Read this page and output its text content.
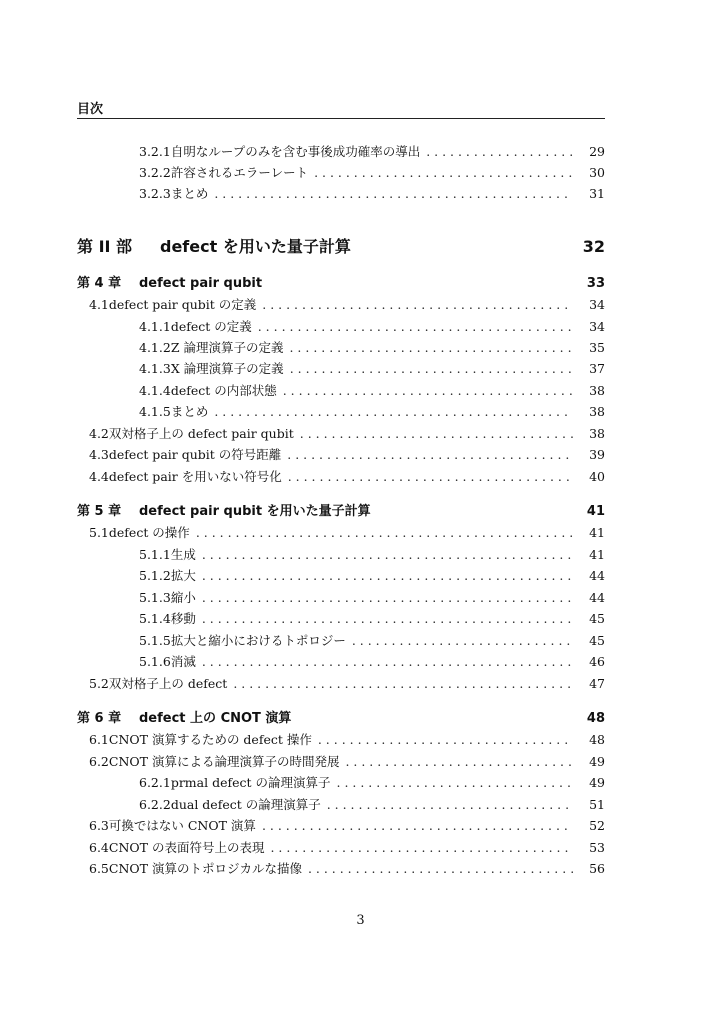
目次
3.2.1 自明なループのみを含む事後成功確率の導出 . . .	29
3.2.2 許容されるエラーレート . . .	30
3.2.3 まとめ . . .	31
第 II 部 defect を用いた量子計算	32
第 4 章 defect pair qubit	33
4.1 defect pair qubit の定義 . . .	34
4.1.1 defect の定義 . . .	34
4.1.2 Z 論理演算子の定義 . . .	35
4.1.3 X 論理演算子の定義 . . .	37
4.1.4 defect の内部状態 . . .	38
4.1.5 まとめ . . .	38
4.2 双対格子上の defect pair qubit . . .	38
4.3 defect pair qubit の符号距離 . . .	39
4.4 defect pair を用いない符号化 . . .	40
第 5 章 defect pair qubit を用いた量子計算	41
5.1 defect の操作 . . .	41
5.1.1 生成 . . .	41
5.1.2 拡大 . . .	44
5.1.3 縮小 . . .	44
5.1.4 移動 . . .	45
5.1.5 拡大と縮小におけるトポロジー . . .	45
5.1.6 消滅 . . .	46
5.2 双対格子上の defect . . .	47
第 6 章 defect 上の CNOT 演算	48
6.1 CNOT 演算するための defect 操作 . . .	48
6.2 CNOT 演算による論理演算子の時間発展 . . .	49
6.2.1 prmal defect の論理演算子 . . .	49
6.2.2 dual defect の論理演算子 . . .	51
6.3 可換ではない CNOT 演算 . . .	52
6.4 CNOT の表面符号上の表現 . . .	53
6.5 CNOT 演算のトポロジカルな描像 . . .	56
3
